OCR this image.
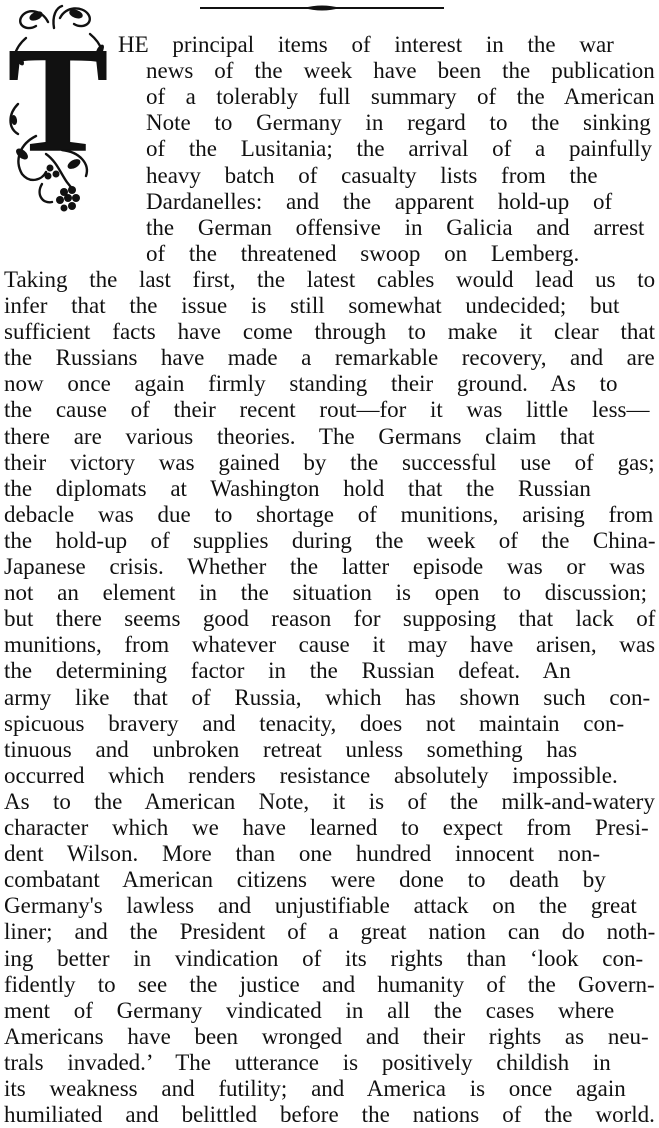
T HE principal items of interest in the war
news of the week have been the publication
of a tolerably full summary of the American
Note to Germany in regard to the sinking
of the Lusitania; the arrival of a painfully
heavy batch of casualty lists from the
Dardanelles: and the apparent hold-up of
the German offensive in Galicia and arrest
of the threatened swoop on Lemberg.
Taking the last first, the latest cables would lead us to
infer that the issue is still somewhat undecided; but
sufficient facts have come through to make it clear that
the Russians have made a remarkable recovery, and are
now once again firmly standing their ground. As to
the cause of their recent rout—for it was little less—
there are various theories. The Germans claim that
their victory was gained by the successful use of gas;
the diplomats at Washington hold that the Russian
debacle was due to shortage of munitions, arising from
the hold-up of supplies during the week of the China-
Japanese crisis. Whether the latter episode was or was
not an element in the situation is open to discussion;
but there seems good reason for supposing that lack of
munitions, from whatever cause it may have arisen, was
the determining factor in the Russian defeat. An
army like that of Russia, which has shown such con-
spicuous bravery and tenacity, does not maintain con-
tinuous and unbroken retreat unless something has
occurred which renders resistance absolutely impossible.
As to the American Note, it is of the milk-and-watery
character which we have learned to expect from Presi-
dent Wilson. More than one hundred innocent non-
combatant American citizens were done to death by
Germany's lawless and unjustifiable attack on the great
liner; and the President of a great nation can do noth-
ing better in vindication of its rights than ‘look con-
fidently to see the justice and humanity of the Govern-
ment of Germany vindicated in all the cases where
Americans have been wronged and their rights as neu-
trals invaded.’ The utterance is positively childish in
its weakness and futility; and America is once again
humiliated and belittled before the nations of the world.
